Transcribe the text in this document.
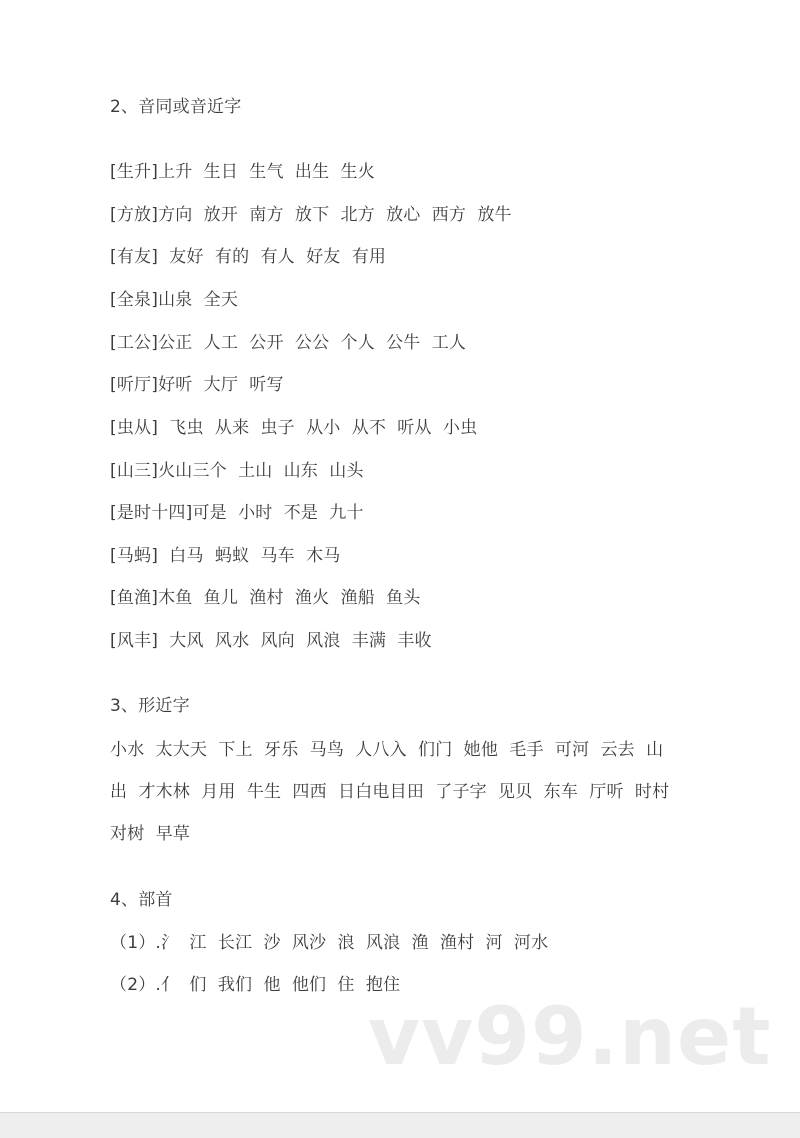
2、音同或音近字
[生升]上升  生日  生气  出生  生火
[方放]方向  放开  南方  放下  北方  放心  西方  放牛
[有友]  友好  有的  有人  好友  有用
[全泉]山泉  全天
[工公]公正  人工  公开  公公  个人  公牛  工人
[听厅]好听  大厅  听写
[虫从]  飞虫  从来  虫子  从小  从不  听从  小虫
[山三]火山三个  土山  山东  山头
[是时十四]可是  小时  不是  九十
[马蚂]  白马  蚂蚁  马车  木马
[鱼渔]木鱼  鱼儿  渔村  渔火  渔船  鱼头
[风丰]  大风  风水  风向  风浪  丰满  丰收
3、形近字
小水  太大天  下上  牙乐  马鸟  人八入  们门  她他  毛手  可河  云去  山
出  才木林  月用  牛生  四西  日白电目田  了子字  见贝  东车  厅听  时村
对树  早草
4、部首
（1）.氵  江  长江  沙  风沙  浪  风浪  渔  渔村  河  河水
（2）.亻  们  我们  他  他们  住  抱住
vv99.net
